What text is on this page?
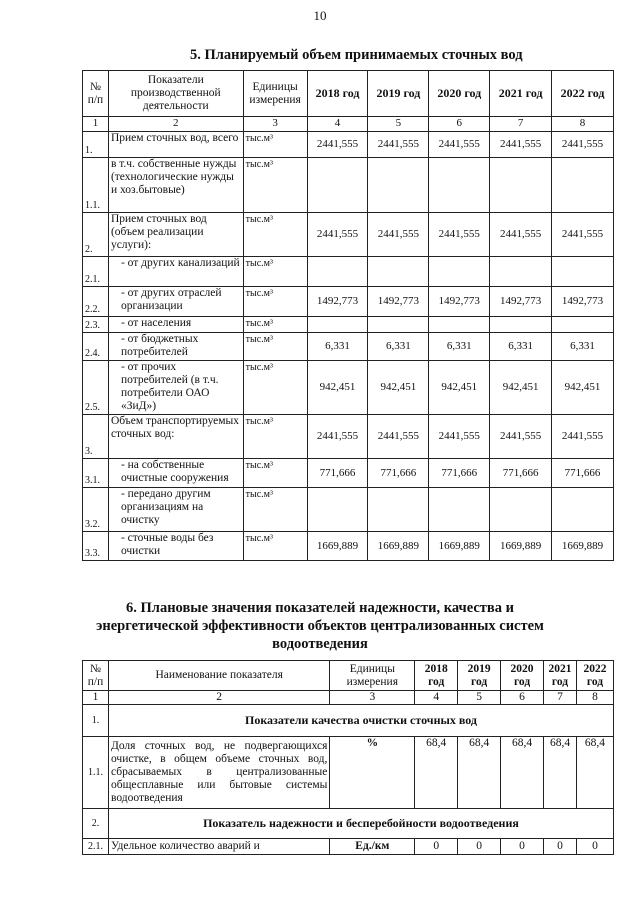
10
5. Планируемый объем принимаемых сточных вод
№ п/п	Показатели производственной деятельности	Единицы измерения	2018 год	2019 год	2020 год	2021 год	2022 год
1	2	3	4	5	6	7	8
1.	Прием сточных вод, всего	тыс.м³	2441,555	2441,555	2441,555	2441,555	2441,555
1.1.	в т.ч. собственные нужды (технологические нужды и хоз.бытовые)	тыс.м³					
2.	Прием сточных вод (объем реализации услуги):	тыс.м³	2441,555	2441,555	2441,555	2441,555	2441,555
2.1.	- от других канализаций	тыс.м³					
2.2.	- от других отраслей организации	тыс.м³	1492,773	1492,773	1492,773	1492,773	1492,773
2.3.	- от населения	тыс.м³					
2.4.	- от бюджетных потребителей	тыс.м³	6,331	6,331	6,331	6,331	6,331
2.5.	- от прочих потребителей (в т.ч. потребители ОАО «ЗиД»)	тыс.м³	942,451	942,451	942,451	942,451	942,451
3.	Объем транспортируемых сточных вод:	тыс.м³	2441,555	2441,555	2441,555	2441,555	2441,555
3.1.	- на собственные очистные сооружения	тыс.м³	771,666	771,666	771,666	771,666	771,666
3.2.	- передано другим организациям на очистку	тыс.м³					
3.3.	- сточные воды без очистки	тыс.м³	1669,889	1669,889	1669,889	1669,889	1669,889
6. Плановые значения показателей надежности, качества и
энергетической эффективности объектов централизованных систем
водоотведения
№ п/п	Наименование показателя	Единицы измерения	2018 год	2019 год	2020 год	2021 год	2022 год
1	2	3	4	5	6	7	8
1.	Показатели качества очистки сточных вод						
1.1.	Доля сточных вод, не подвергающихся очистке, в общем объеме сточных вод, сбрасываемых в централизованные общесплавные или бытовые системы водоотведения	%	68,4	68,4	68,4	68,4	68,4
2.	Показатель надежности и бесперебойности водоотведения						
2.1.	Удельное количество аварий и	Ед./км	0	0	0	0	0
